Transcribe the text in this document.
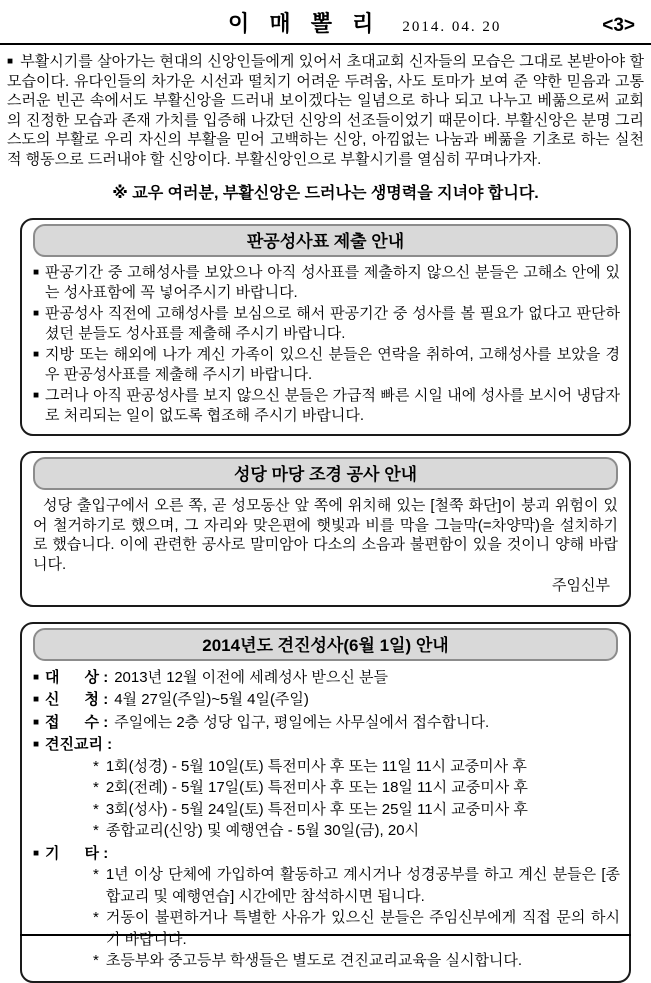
이 매 뽈 리 2014. 04. 20	<3>

■ 부활시기를 살아가는 현대의 신앙인들에게 있어서 초대교회 신자들의 모습은 그대로 본받아야 할 모습이다. 유다인들의 차가운 시선과 떨치기 어려운 두려움, 사도 토마가 보여 준 약한 믿음과 고통스러운 빈곤 속에서도 부활신앙을 드러내 보이겠다는 일념으로 하나 되고 나누고 베풂으로써 교회의 진정한 모습과 존재 가치를 입증해 나갔던 신앙의 선조들이었기 때문이다. 부활신앙은 분명 그리스도의 부활로 우리 자신의 부활을 믿어 고백하는 신앙, 아낌없는 나눔과 베풂을 기초로 하는 실천적 행동으로 드러내야 할 신앙이다. 부활신앙인으로 부활시기를 열심히 꾸며나가자.

※ 교우 여러분, 부활신앙은 드러나는 생명력을 지녀야 합니다.

판공성사표 제출 안내
■ 판공기간 중 고해성사를 보았으나 아직 성사표를 제출하지 않으신 분들은 고해소 안에 있는 성사표함에 꼭 넣어주시기 바랍니다.
■ 판공성사 직전에 고해성사를 보심으로 해서 판공기간 중 성사를 볼 필요가 없다고 판단하셨던 분들도 성사표를 제출해 주시기 바랍니다.
■ 지방 또는 해외에 나가 계신 가족이 있으신 분들은 연락을 취하여, 고해성사를 보았을 경우 판공성사표를 제출해 주시기 바랍니다.
■ 그러나 아직 판공성사를 보지 않으신 분들은 가급적 빠른 시일 내에 성사를 보시어 냉담자로 처리되는 일이 없도록 협조해 주시기 바랍니다.
성당 마당 조경 공사 안내

성당 출입구에서 오른 쪽, 곧 성모동산 앞 쪽에 위치해 있는 [철쭉 화단]이 붕괴 위험이 있어 철거하기로 했으며, 그 자리와 맞은편에 햇빛과 비를 막을 그늘막(=차양막)을 설치하기로 했습니다. 이에 관련한 공사로 말미암아 다소의 소음과 불편함이 있을 것이니 양해 바랍니다.

주임신부
2014년도 견진성사(6월 1일) 안내
■ 대      상 : 2013년 12월 이전에 세례성사 받으신 분들
■ 신      청 : 4월 27일(주일)~5월 4일(주일)
■ 접      수 : 주일에는 2층 성당 입구, 평일에는 사무실에서 접수합니다.
■ 견진교리 :
* 1회(성경) - 5월 10일(토) 특전미사 후 또는 11일 11시 교중미사 후
* 2회(전례) - 5월 17일(토) 특전미사 후 또는 18일 11시 교중미사 후
* 3회(성사) - 5월 24일(토) 특전미사 후 또는 25일 11시 교중미사 후
* 종합교리(신앙) 및 예행연습 - 5월 30일(금), 20시
■ 기      타 :
* 1년 이상 단체에 가입하여 활동하고 계시거나 성경공부를 하고 계신 분들은 [종합교리 및 예행연습] 시간에만 참석하시면 됩니다.
* 거동이 불편하거나 특별한 사유가 있으신 분들은 주임신부에게 직접 문의 하시기 바랍니다.
* 초등부와 중고등부 학생들은 별도로 견진교리교육을 실시합니다.
